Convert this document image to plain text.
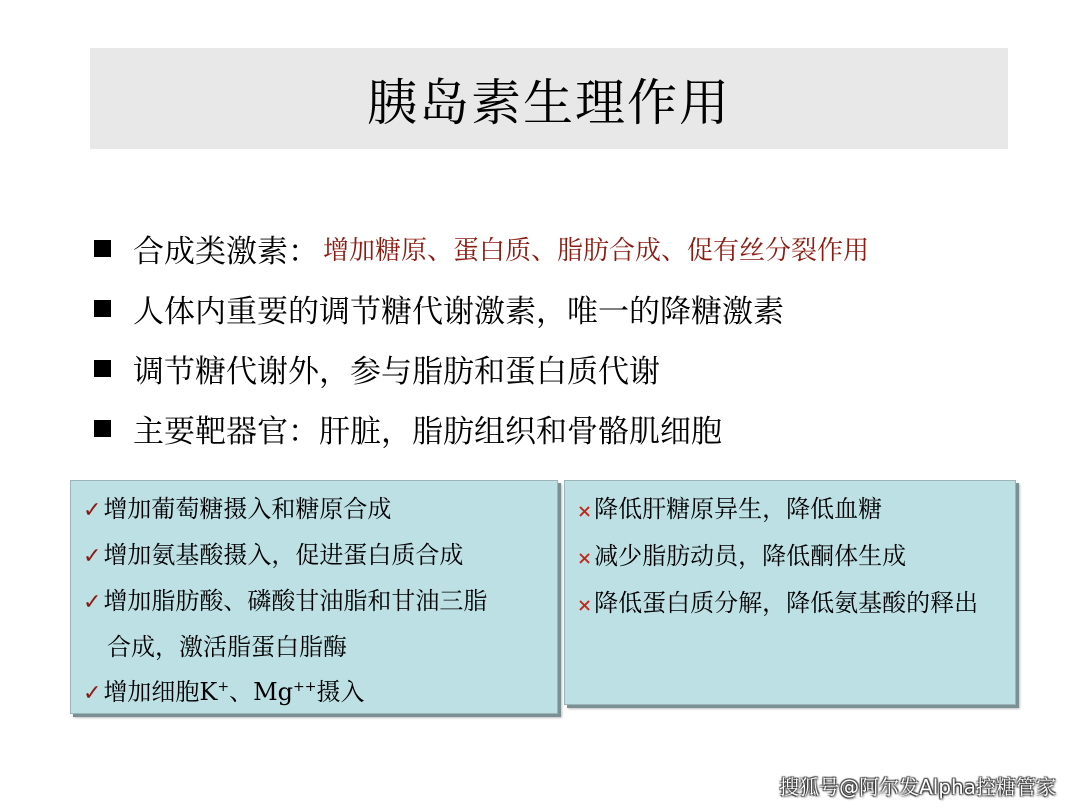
胰岛素生理作用
合成类激素： 增加糖原、蛋白质、脂肪合成、促有丝分裂作用
人体内重要的调节糖代谢激素，唯一的降糖激素
调节糖代谢外，参与脂肪和蛋白质代谢
主要靶器官：肝脏，脂肪组织和骨骼肌细胞
✓增加葡萄糖摄入和糖原合成
✓增加氨基酸摄入，促进蛋白质合成
✓增加脂肪酸、磷酸甘油脂和甘油三脂
合成，激活脂蛋白脂酶
✓增加细胞K+、Mg++摄入
×降低肝糖原异生，降低血糖
×减少脂肪动员，降低酮体生成
×降低蛋白质分解，降低氨基酸的释出
搜狐号@阿尔发Alpha控糖管家
